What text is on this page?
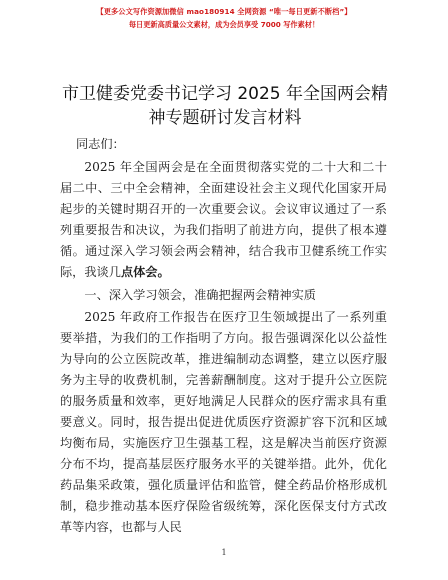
【更多公文写作资源加微信 mao180914 全网资源 “唯一每日更新不断档”】
每日更新高质量公文素材，成为会员享受 7000 写作素材！
市卫健委党委书记学习 2025 年全国两会精神专题研讨发言材料
同志们：

2025 年全国两会是在全面贯彻落实党的二十大和二十届二中、三中全会精神，全面建设社会主义现代化国家开局起步的关键时期召开的一次重要会议。会议审议通过了一系列重要报告和决议，为我们指明了前进方向，提供了根本遵循。通过深入学习领会两会精神，结合我市卫健系统工作实际，我谈几点体会。

一、深入学习领会，准确把握两会精神实质

2025 年政府工作报告在医疗卫生领域提出了一系列重要举措，为我们的工作指明了方向。报告强调深化以公益性为导向的公立医院改革，推进编制动态调整，建立以医疗服务为主导的收费机制，完善薪酬制度。这对于提升公立医院的服务质量和效率，更好地满足人民群众的医疗需求具有重要意义。同时，报告提出促进优质医疗资源扩容下沉和区域均衡布局，实施医疗卫生强基工程，这是解决当前医疗资源分布不均，提高基层医疗服务水平的关键举措。此外，优化药品集采政策，强化质量评估和监管，健全药品价格形成机制，稳步推动基本医疗保险省级统筹，深化医保支付方式改革等内容，也都与人民

1
